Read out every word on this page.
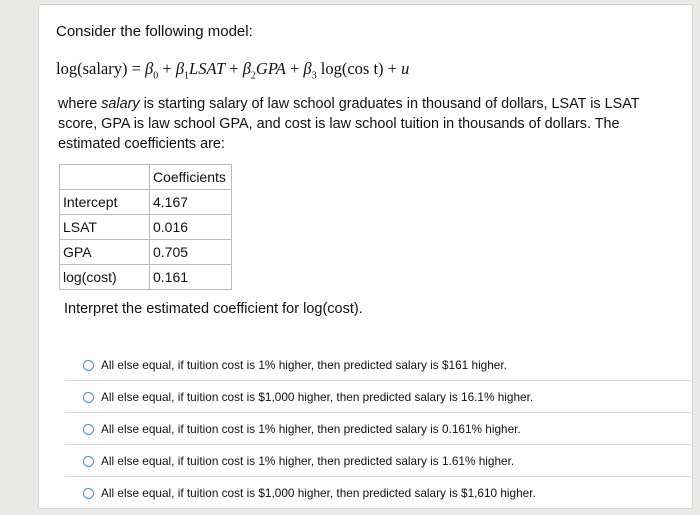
Consider the following model:
log(salary) = $\beta_0$ + $\beta_1LSAT + \beta_2GPA + \beta_3$ log(cos t) + u
where salary is starting salary of law school graduates in thousand of dollars, LSAT is LSAT score, GPA is law school GPA, and cost is law school tuition in thousands of dollars. The estimated coefficients are:
	Coefficients
Intercept	4.167
LSAT	0.016
GPA	0.705
log(cost)	0.161
Interpret the estimated coefficient for log(cost).
All else equal, if tuition cost is 1% higher, then predicted salary is $161 higher.
All else equal, if tuition cost is $1,000 higher, then predicted salary is 16.1% higher.
All else equal, if tuition cost is 1% higher, then predicted salary is 0.161% higher.
All else equal, if tuition cost is 1% higher, then predicted salary is 1.61% higher.
All else equal, if tuition cost is $1,000 higher, then predicted salary is $1,610 higher.
